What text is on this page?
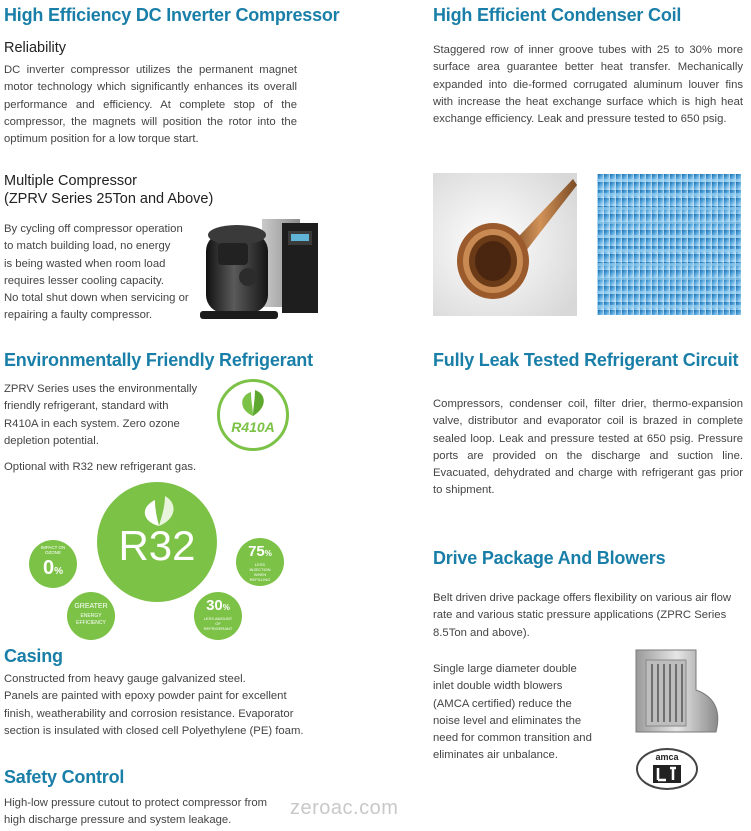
High Efficiency DC Inverter Compressor
Reliability
DC inverter compressor utilizes the permanent magnet motor technology which significantly enhances its overall performance and efficiency. At complete stop of the compressor, the magnets will position the rotor into the optimum position for a low torque start.
Multiple Compressor
(ZPRV Series 25Ton and Above)
By cycling off compressor operation
to match building load, no energy
is being wasted when room load
requires lesser cooling capacity.
No total shut down when servicing or
repairing a faulty compressor.
Environmentally Friendly Refrigerant
ZPRV Series uses the environmentally
friendly refrigerant, standard with
R410A in each system. Zero ozone
depletion potential.
Optional with R32 new refrigerant gas.
R410A
R32
IMPACT ON OZONE
0%
75%
LESS INJECTION WHEN REFILLING
GREATER
ENERGY
EFFICIENCY
30%
LESS AMOUNT OF REFRIGERANT
Casing
Constructed from heavy gauge galvanized steel.
Panels are painted with epoxy powder paint for excellent
finish, weatherability and corrosion resistance. Evaporator
section is insulated with closed cell Polyethylene (PE) foam.
Safety Control
High-low pressure cutout to protect compressor from
high discharge pressure and system leakage.
High Efficient Condenser Coil
Staggered row of inner groove tubes with 25 to 30% more surface area guarantee better heat transfer. Mechanically expanded into die-formed corrugated aluminum louver fins with increase the heat exchange surface which is high heat exchange efficiency. Leak and pressure tested to 650 psig.
Fully Leak Tested Refrigerant Circuit
Compressors, condenser coil, filter drier, thermo-expansion valve, distributor and evaporator coil is brazed in complete sealed loop. Leak and pressure tested at 650 psig. Pressure ports are provided on the discharge and suction line. Evacuated, dehydrated and charge with refrigerant gas prior to shipment.
Drive Package And Blowers
Belt driven drive package offers flexibility on various air flow rate and various static pressure applications (ZPRC Series 8.5Ton and above).
Single large diameter double
inlet double width blowers
(AMCA certified) reduce the
noise level and eliminates the
need for common transition and
eliminates air unbalance.	amca
zeroac.com
